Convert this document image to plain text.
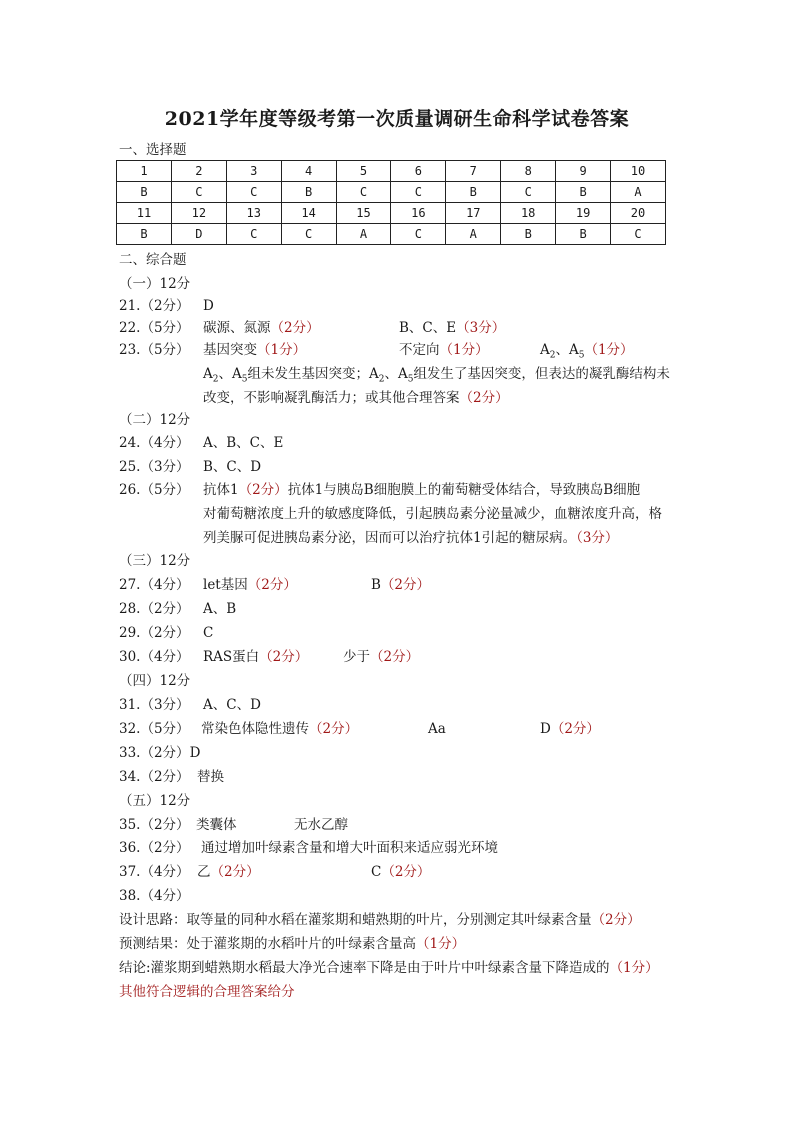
2021学年度等级考第一次质量调研生命科学试卷答案
一、选择题
1	2	3	4	5	6	7	8	9	10
B	C	C	B	C	C	B	C	B	A
11	12	13	14	15	16	17	18	19	20
B	D	C	C	A	C	A	B	B	C
二、综合题
（一）12分
21.（2分） D
22.（5分） 碳源、氮源（2分）	B、C、E（3分）
23.（5分） 基因突变（1分）	不定向（1分）	$A_2$、$A_5(1$分）
$A_2$、$A_5$组未发生基因突变；$A_2$、$A_5$组发生了基因突变，但表达的凝乳酶结构未
改变，不影响凝乳酶活力；或其他合理答案（2分）
（二）12分
24.（4分） A、B、C、E
25.（3分） B、C、D
26.（5分） 抗体1（2分）抗体1与胰岛B细胞膜上的葡萄糖受体结合，导致胰岛B细胞
对葡萄糖浓度上升的敏感度降低，引起胰岛素分泌量减少，血糖浓度升高，格
列美脲可促进胰岛素分泌，因而可以治疗抗体1引起的糖尿病。（3分）
（三）12分
27.（4分） let基因（2分）	B（2分）
28.（2分） A、B
29.（2分） C
30.（4分） RAS蛋白（2分）	少于（2分）
（四）12分
31.（3分） A、C、D
32.（5分） 常染色体隐性遗传（2分）	Aa	D（2分）
33.（2分）D
34.（2分） 替换
（五）12分
35.（2分） 类囊体	无水乙醇
36.（2分） 通过增加叶绿素含量和增大叶面积来适应弱光环境
37.（4分） 乙（2分）	C（2分）
38.（4分）
设计思路：取等量的同种水稻在灌浆期和蜡熟期的叶片，分别测定其叶绿素含量（2分）
预测结果：处于灌浆期的水稻叶片的叶绿素含量高（1分）
结论:灌浆期到蜡熟期水稻最大净光合速率下降是由于叶片中叶绿素含量下降造成的（1分）
其他符合逻辑的合理答案给分
